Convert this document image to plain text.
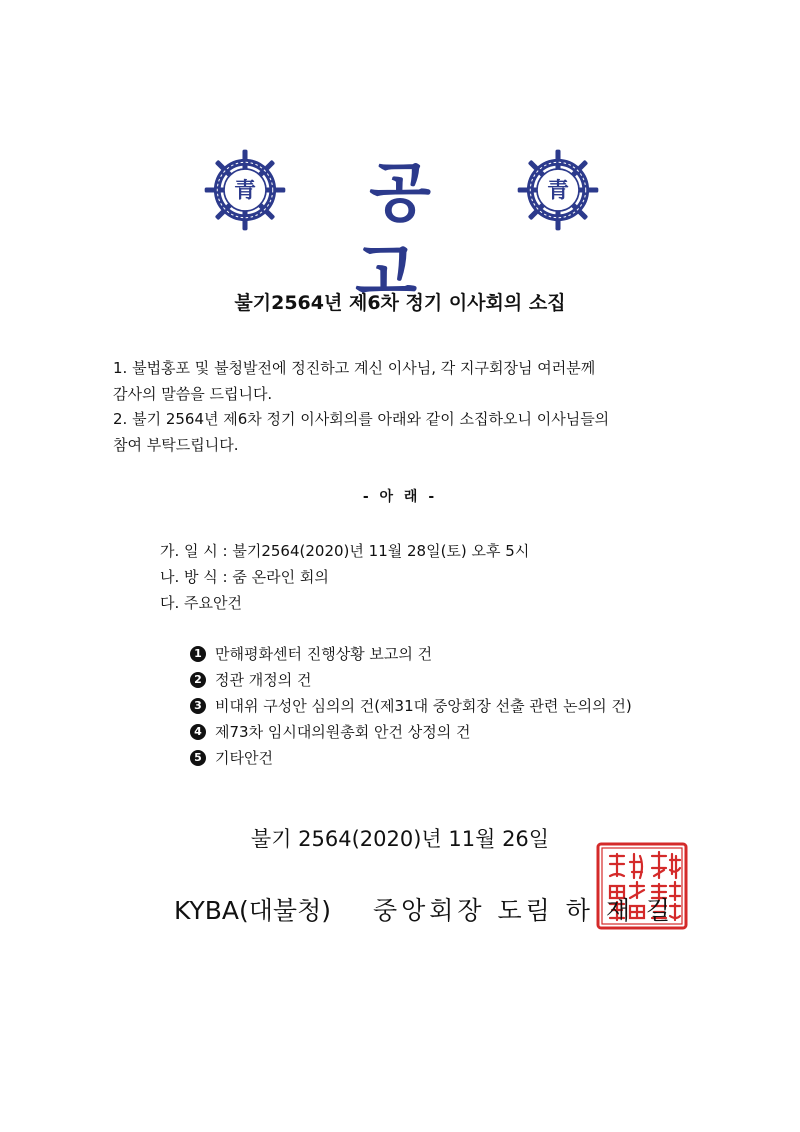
青	공 고
青
불기2564년 제6차 정기 이사회의 소집

1. 불법홍포 및 불청발전에 정진하고 계신 이사님, 각 지구회장님 여러분께

감사의 말씀을 드립니다.

2. 불기 2564년 제6차 정기 이사회의를 아래와 같이 소집하오니 이사님들의

참여 부탁드립니다.

- 아 래 -
가. 일 시 : 불기2564(2020)년 11월 28일(토) 오후 5시
나. 방 식 : 줌 온라인 회의
다. 주요안건
1 만해평화센터 진행상황 보고의 건
2 정관 개정의 건
3 비대위 구성안 심의의 건(제31대 중앙회장 선출 관련 논의의 건)
4 제73차 임시대의원총회 안건 상정의 건
5 기타안건
불기 2564(2020)년 11월 26일
KYBA(대불청) 중앙회장 도림 하 재 길
